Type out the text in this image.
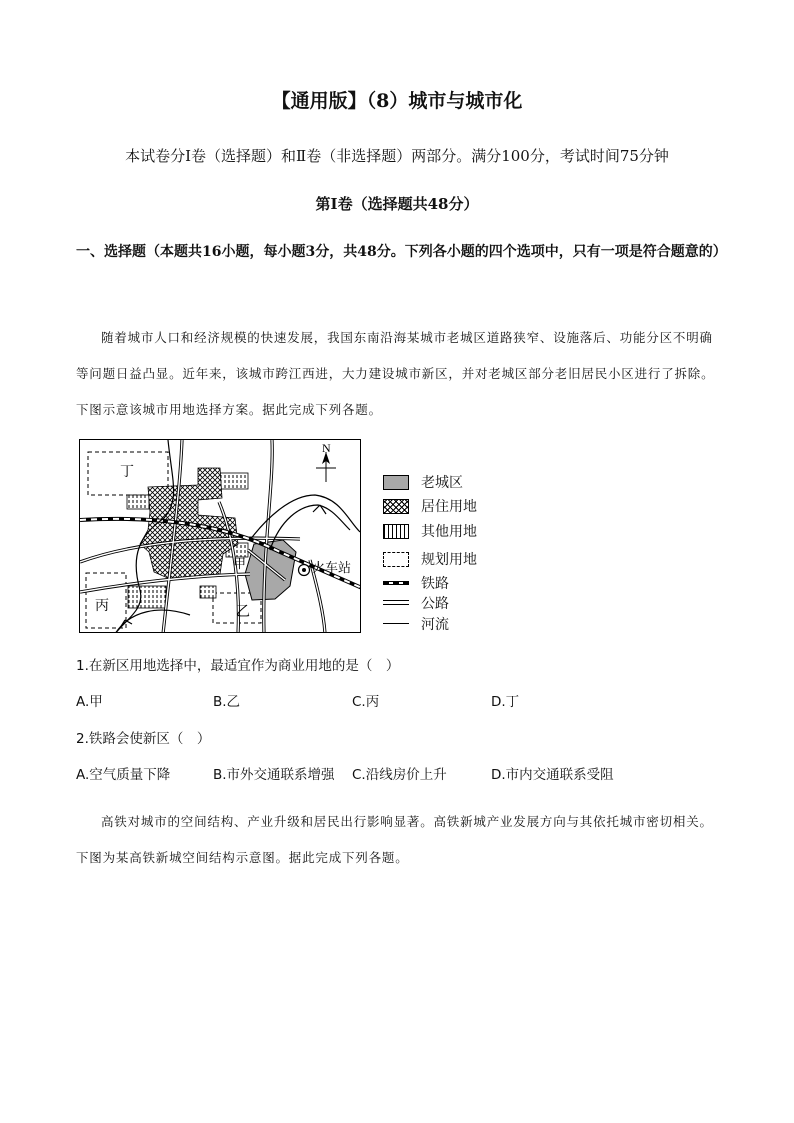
【通用版】（8）城市与城市化
本试卷分Ⅰ卷（选择题）和Ⅱ卷（非选择题）两部分。满分100分，考试时间75分钟
第Ⅰ卷（选择题共48分）
一、选择题（本题共16小题，每小题3分，共48分。下列各小题的四个选项中，只有一项是符合题意的）
随着城市人口和经济规模的快速发展，我国东南沿海某城市老城区道路狭窄、设施落后、功能分区不明确等问题日益凸显。近年来，该城市跨江西进，大力建设城市新区，并对老城区部分老旧居民小区进行了拆除。下图示意该城市用地选择方案。据此完成下列各题。
N
丁
甲
丙	乙
火车站
老城区
居住用地
其他用地
规划用地
铁路
公路
河流
1.在新区用地选择中，最适宜作为商业用地的是（　）
A.甲	B.乙	C.丙	D.丁
2.铁路会使新区（　）
A.空气质量下降	B.市外交通联系增强 C.沿线房价上升	D.市内交通联系受阻
高铁对城市的空间结构、产业升级和居民出行影响显著。高铁新城产业发展方向与其依托城市密切相关。下图为某高铁新城空间结构示意图。据此完成下列各题。
